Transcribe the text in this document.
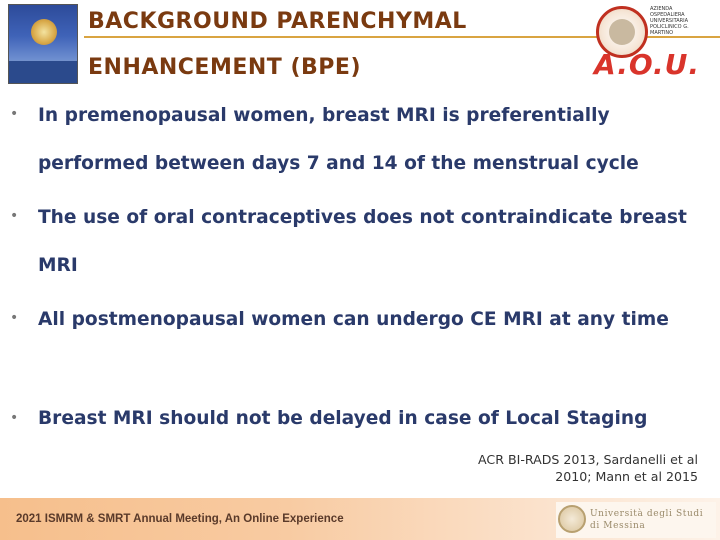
BACKGROUND PARENCHYMAL
ENHANCEMENT (BPE)
AZIENDA OSPEDALIERA UNIVERSITARIA POLICLINICO G. MARTINO
A.O.U.
• In premenopausal women, breast MRI is preferentially performed between days 7 and 14 of the menstrual cycle
• The use of oral contraceptives does not contraindicate breast MRI
• All postmenopausal women can undergo CE MRI at any time
• Breast MRI should not be delayed in case of Local Staging
ACR BI-RADS 2013, Sardanelli et al
2010; Mann et al 2015
2021 ISMRM & SMRT Annual Meeting, An Online Experience	Università degli Studi
di Messina
